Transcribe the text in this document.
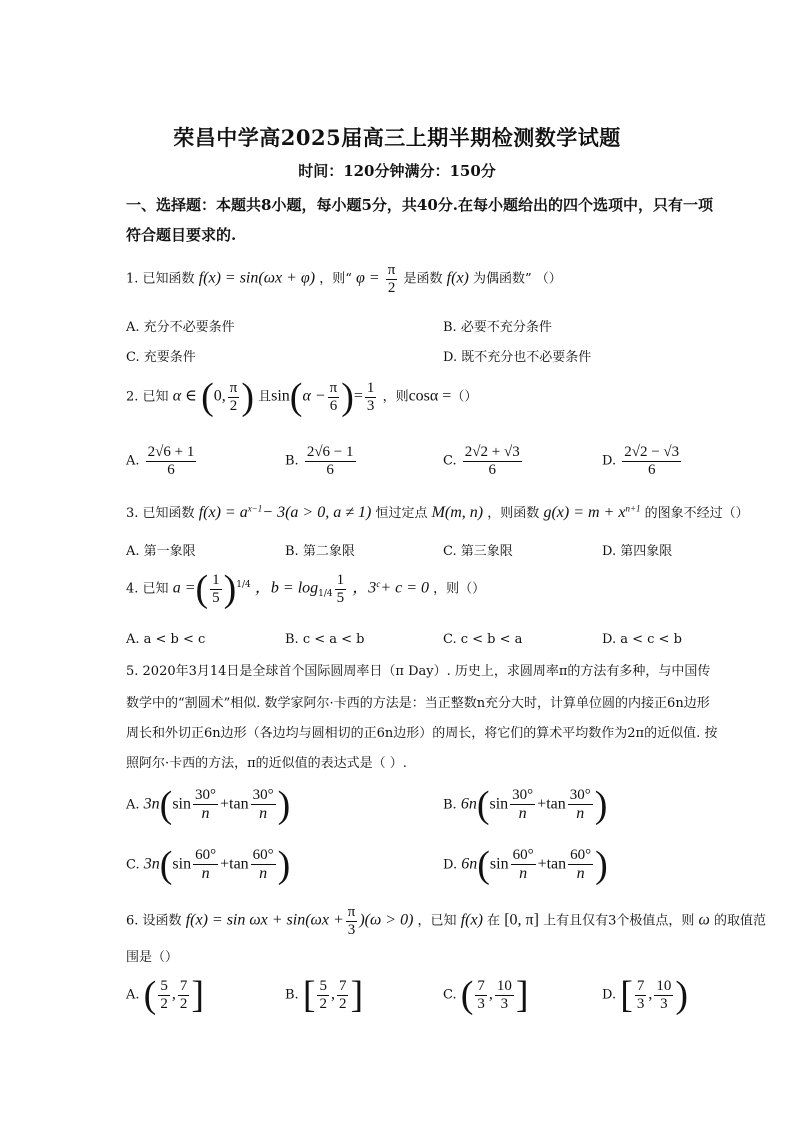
荣昌中学高2025届高三上期半期检测数学试题
时间：120分钟满分：150分
一、选择题：本题共8小题，每小题5分，共40分.在每小题给出的四个选项中，只有一项
符合题目要求的.
1. 已知函数 f(x) = sin(ωx + φ) ，则“ $\varphi = \frac{\pi}{2}$ 是函数 f(x) 为偶函数” （）
A. 充分不必要条件	B. 必要不充分条件
C. 充要条件	D. 既不充分也不必要条件
2. 已知 α ∈ (0, $\frac{\pi}{2}$ ) 且$\sin(\alpha - \frac{\pi}{6}$ )= $\frac{1}{3}$ ，则cosα =（）
A. $\frac{2√6 + 1}{6}$	B. $\frac{2√6 - 1}{6}$	C. $\frac{2√2 + √3}{6}$	D. $\frac{2√2 - √3}{6}$
3. 已知函数 $f(x) = a^{x-1}- 3(a > 0$, a ≠ 1) 恒过定点 M(m, n) ，则函数 $g(x) = m + x^{n+1}$ 的图象不经过（）
A. 第一象限	B. 第二象限	C. 第三象限	D. 第四象限
4. 已知 a =( $\frac{1}{5} )^{1/4}$ ，$b = \log_{1/4} \frac{1}{5}$ ，$3^c+ c = 0$ ，则（）
A. a < b < c	B. c < a < b	C. c < b < a	D. a < c < b
5. 2020年3月14日是全球首个国际圆周率日（π Day）. 历史上，求圆周率π的方法有多种，与中国传
数学中的“割圆术”相似. 数学家阿尔·卡西的方法是：当正整数n充分大时，计算单位圆的内接正6n边形
周长和外切正6n边形（各边均与圆相切的正6n边形）的周长，将它们的算术平均数作为2π的近似值. 按
照阿尔·卡西的方法，π的近似值的表达式是（ ）.
A. $3n(\sin \frac{30^\circ}{n} +\tan \frac{30^\circ}{n}$ )	B. $6n(\sin \frac{30^\circ}{n} +\tan \frac{30^\circ}{n}$ )
C. $3n(\sin \frac{60^\circ}{n} +\tan \frac{60^\circ}{n}$ )	D. $6n(\sin \frac{60^\circ}{n} +\tan \frac{60^\circ}{n}$ )
6. 设函数 $f(x) = \sin \omega x + \sin(\omega x + \frac{\pi}{3} )(\omega > 0)$ ，已知 f(x) 在 [0, π] 上有且仅有3个极值点，则 ω 的取值范
围是（）
A. ( $\frac{5}{2}$ , $\frac{7}{2}$ ]	B. [ $\frac{5}{2}$ , $\frac{7}{2}$ ]	C. ( $\frac{7}{3}$ , $\frac{10}{3}$ ]	D. [ $\frac{7}{3}$ , $\frac{10}{3}$ )
